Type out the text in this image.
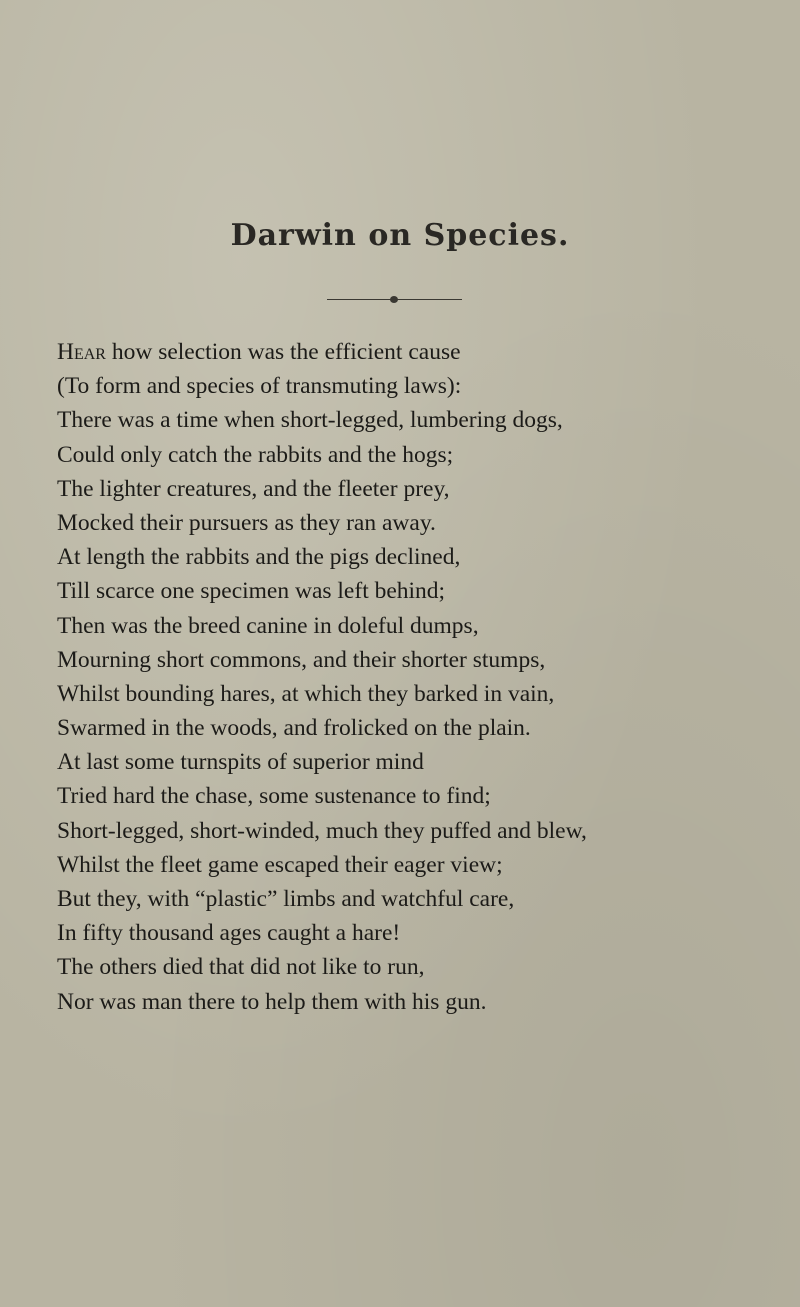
Darwin on Species.
Hear how selection was the efficient cause
(To form and species of transmuting laws):
There was a time when short-legged, lumbering dogs,
Could only catch the rabbits and the hogs;
The lighter creatures, and the fleeter prey,
Mocked their pursuers as they ran away.
At length the rabbits and the pigs declined,
Till scarce one specimen was left behind;
Then was the breed canine in doleful dumps,
Mourning short commons, and their shorter stumps,
Whilst bounding hares, at which they barked in vain,
Swarmed in the woods, and frolicked on the plain.
At last some turnspits of superior mind
Tried hard the chase, some sustenance to find;
Short-legged, short-winded, much they puffed and blew,
Whilst the fleet game escaped their eager view;
But they, with “plastic” limbs and watchful care,
In fifty thousand ages caught a hare!
The others died that did not like to run,
Nor was man there to help them with his gun.
